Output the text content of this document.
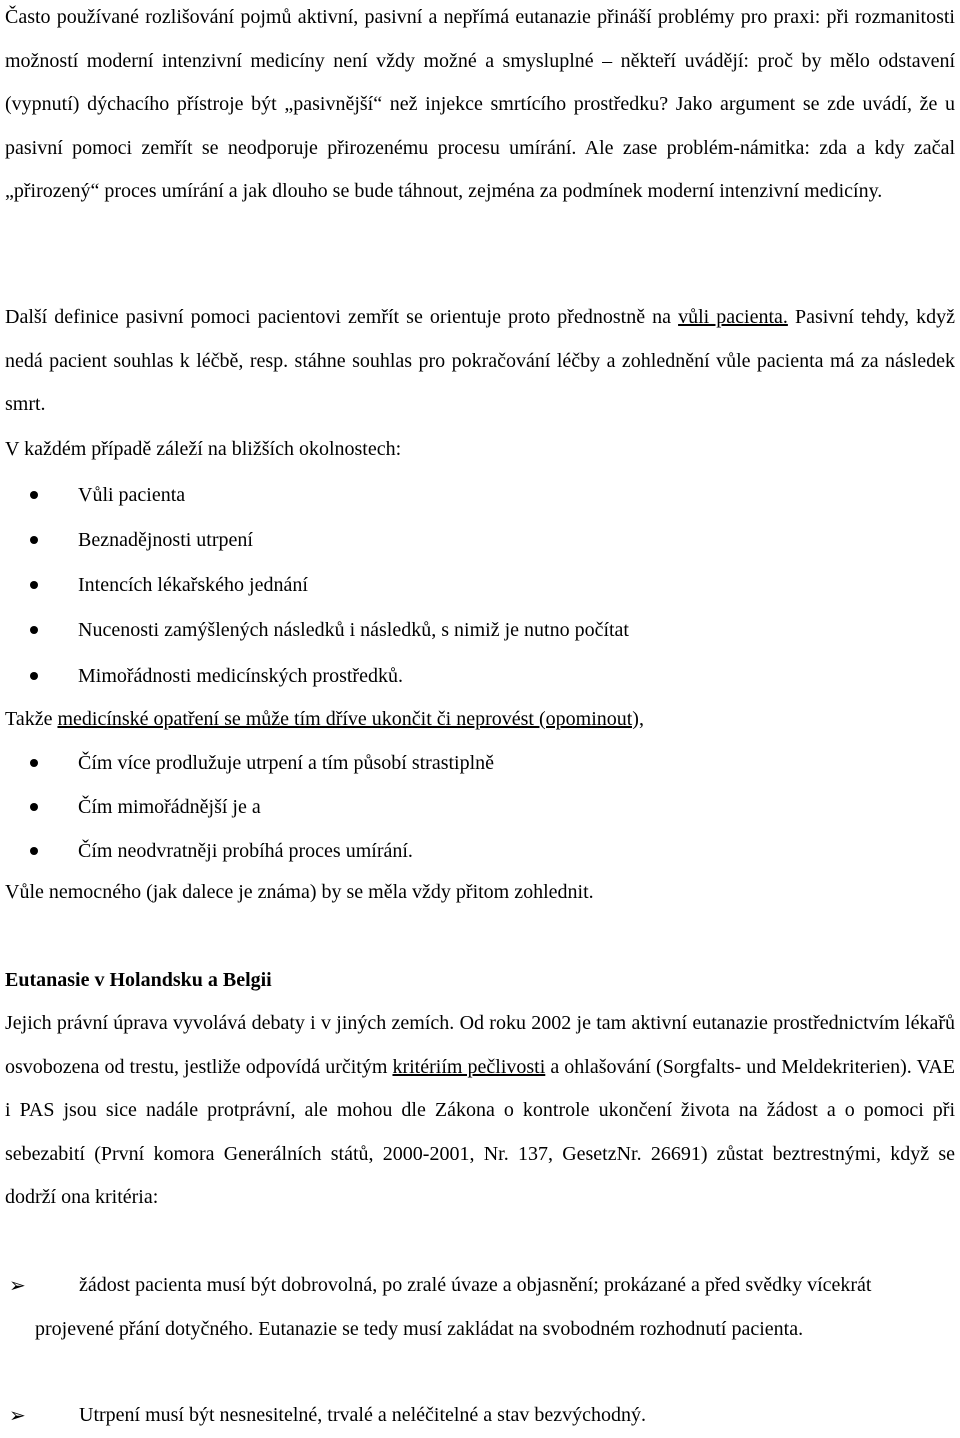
Často používané rozlišování pojmů aktivní, pasivní a nepřímá eutanazie přináší problémy pro praxi: při rozmanitosti možností moderní intenzivní medicíny není vždy možné a smysluplné – někteří uvádějí: proč by mělo odstavení (vypnutí) dýchacího přístroje být „pasivnější“ než injekce smrtícího prostředku? Jako argument se zde uvádí, že u pasivní pomoci zemřít se neodporuje přirozenému procesu umírání. Ale zase problém-námitka: zda a kdy začal „přirozený“ proces umírání a jak dlouho se bude táhnout, zejména za podmínek moderní intenzivní medicíny.

Další definice pasivní pomoci pacientovi zemřít se orientuje proto přednostně na vůli pacienta. Pasivní tehdy, když nedá pacient souhlas k léčbě, resp. stáhne souhlas pro pokračování léčby a zohlednění vůle pacienta má za následek smrt.

V každém případě záleží na bližších okolnostech:

Vůli pacienta
Beznadějnosti utrpení
Intencích lékařského jednání
Nucenosti zamýšlených následků i následků, s nimiž je nutno počítat
Mimořádnosti medicínských prostředků.

Takže medicínské opatření se může tím dříve ukončit či neprovést (opominout),

Čím více prodlužuje utrpení a tím působí strastiplně
Čím mimořádnější je a
Čím neodvratněji probíhá proces umírání.

Vůle nemocného (jak dalece je známa) by se měla vždy přitom zohlednit.

Eutanasie v Holandsku a Belgii

Jejich právní úprava vyvolává debaty i v jiných zemích. Od roku 2002 je tam aktivní eutanazie prostřednictvím lékařů osvobozena od trestu, jestliže odpovídá určitým kritériím pečlivosti a ohlašování (Sorgfalts- und Meldekriterien). VAE i PAS jsou sice nadále protprávní, ale mohou dle Zákona o kontrole ukončení života na žádost a o pomoci při sebezabití (První komora Generálních států, 2000-2001, Nr. 137, GesetzNr. 26691) zůstat beztrestnými, když se dodrží ona kritéria:

➢	žádost pacienta musí být dobrovolná, po zralé úvaze a objasnění; prokázané a před svědky vícekrát projevené přání dotyčného. Eutanazie se tedy musí zakládat na svobodném rozhodnutí pacienta.
➢	Utrpení musí být nesnesitelné, trvalé a neléčitelné a stav bezvýchodný.
